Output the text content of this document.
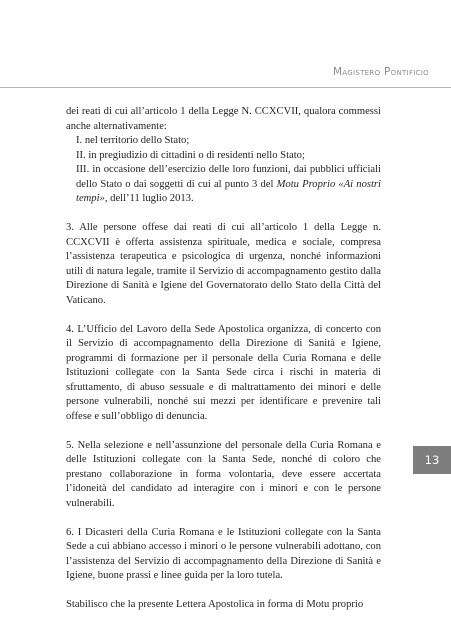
Magistero Pontificio
13
dei reati di cui all’articolo 1 della Legge N. CCXCVII, qualora commessi anche alternativamente:
I. nel territorio dello Stato;
II. in pregiudizio di cittadini o di residenti nello Stato;
III. in occasione dell’esercizio delle loro funzioni, dai pubblici ufficiali dello Stato o dai soggetti di cui al punto 3 del Motu Proprio «Ai nostri tempi», dell’11 luglio 2013.

3. Alle persone offese dai reati di cui all’articolo 1 della Legge n. CCXCVII è offerta assistenza spirituale, medica e sociale, compresa l’assistenza terapeutica e psicologica di urgenza, nonché informazioni utili di natura legale, tramite il Servizio di accompagnamento gestito dalla Direzione di Sanità e Igiene del Governatorato dello Stato della Città del Vaticano.

4. L’Ufficio del Lavoro della Sede Apostolica organizza, di concerto con il Servizio di accompagnamento della Direzione di Sanità e Igiene, programmi di formazione per il personale della Curia Romana e delle Istituzioni collegate con la Santa Sede circa i rischi in materia di sfruttamento, di abuso sessuale e di maltrattamento dei minori e delle persone vulnerabili, nonché sui mezzi per identificare e prevenire tali offese e sull’obbligo di denuncia.

5. Nella selezione e nell’assunzione del personale della Curia Romana e delle Istituzioni collegate con la Santa Sede, nonché di coloro che prestano collaborazione in forma volontaria, deve essere accertata l’idoneità del candidato ad interagire con i minori e con le persone vulnerabili.

6. I Dicasteri della Curia Romana e le Istituzioni collegate con la Santa Sede a cui abbiano accesso i minori o le persone vulnerabili adottano, con l’assistenza del Servizio di accompagnamento della Direzione di Sanità e Igiene, buone prassi e linee guida per la loro tutela.

Stabilisco che la presente Lettera Apostolica in forma di Motu proprio
